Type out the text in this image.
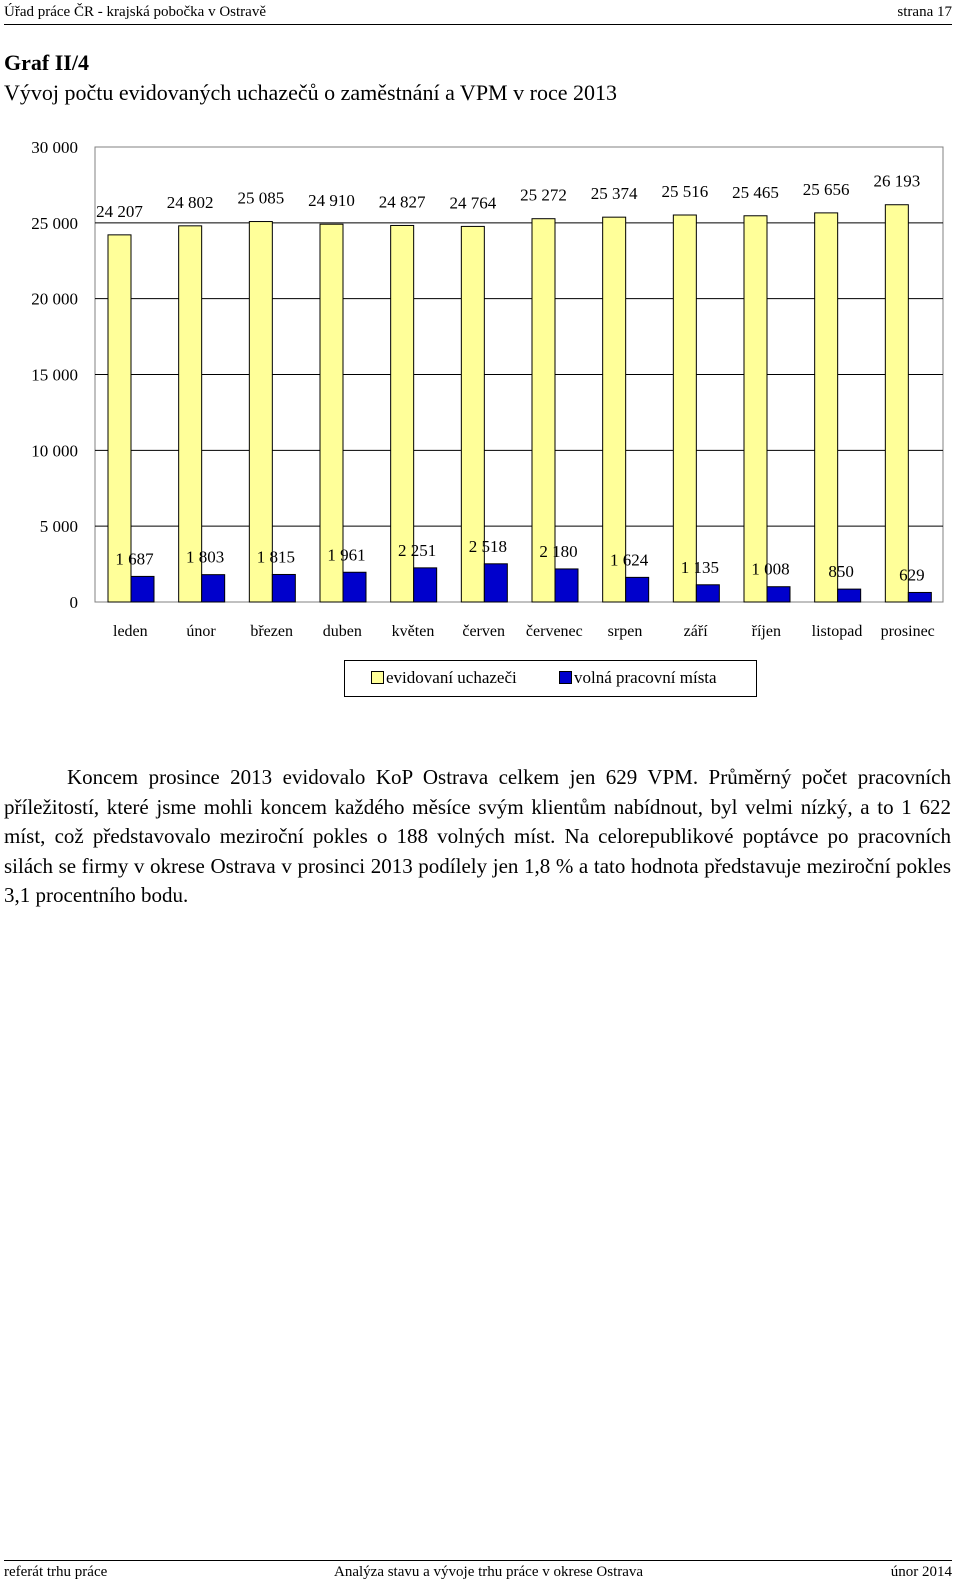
Úřad práce ČR - krajská pobočka v Ostravě	strana 17
Graf II/4
Vývoj počtu evidovaných uchazečů o zaměstnání a VPM v roce 2013
0
5 000
10 000
15 000
20 000
25 000
30 000
24 207
1 687
leden
24 802
1 803
únor
25 085
1 815
březen
24 910
1 961
duben
24 827
2 251
květen
24 764
2 518
červen
25 272
2 180
červenec
25 374
1 624
srpen
25 516
1 135
září
25 465
1 008
říjen
25 656
850
listopad
26 193
629
prosinec
evidovaní uchazeči	volná pracovní místa
Koncem prosince 2013 evidovalo KoP Ostrava celkem jen 629 VPM. Průměrný počet pracovních příležitostí, které jsme mohli koncem každého měsíce svým klientům nabídnout, byl velmi nízký, a to 1 622 míst, což představovalo meziroční pokles o 188 volných míst. Na celorepublikové poptávce po pracovních silách se firmy v okrese Ostrava v prosinci 2013 podílely jen 1,8 % a tato hodnota představuje meziroční pokles 3,1 procentního bodu.
referát trhu práce	Analýza stavu a vývoje trhu práce v okrese Ostrava	únor 2014
